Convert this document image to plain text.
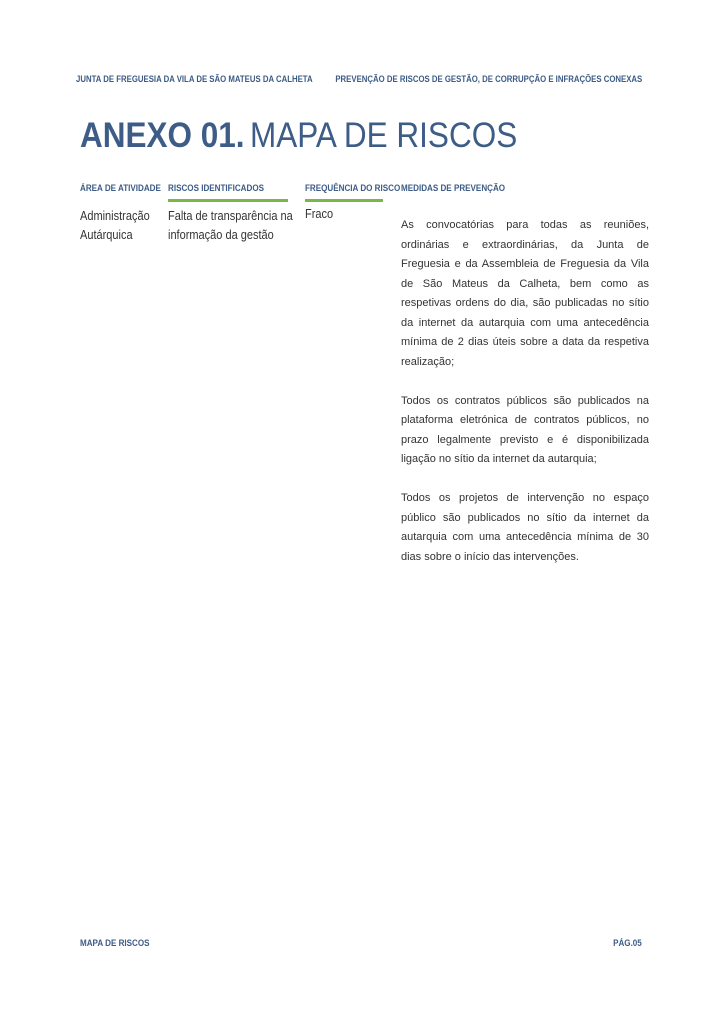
JUNTA DE FREGUESIA DA VILA DE SÃO MATEUS DA CALHETA PREVENÇÃO DE RISCOS DE GESTÃO, DE CORRUPÇÃO E INFRAÇÕES CONEXAS
ANEXO 01. MAPA DE RISCOS
ÁREA DE ATIVIDADE RISCOS IDENTIFICADOS	FREQUÊNCIA DO RISCO MEDIDAS DE PREVENÇÃO
Administração
Autárquica
Falta de transparência na
informação da gestão
Fraco

As convocatórias para todas as reuniões, ordinárias e extraordinárias, da Junta de Freguesia e da Assembleia de Freguesia da Vila de São Mateus da Calheta, bem como as respetivas ordens do dia, são publicadas no sítio da internet da autarquia com uma antecedência mínima de 2 dias úteis sobre a data da respetiva realização;

Todos os contratos públicos são publicados na plataforma eletrónica de contratos públicos, no prazo legalmente previsto e é disponibilizada ligação no sítio da internet da autarquia;

Todos os projetos de intervenção no espaço público são publicados no sítio da internet da autarquia com uma antecedência mínima de 30 dias sobre o início das intervenções.

MAPA DE RISCOS	PÁG.05
